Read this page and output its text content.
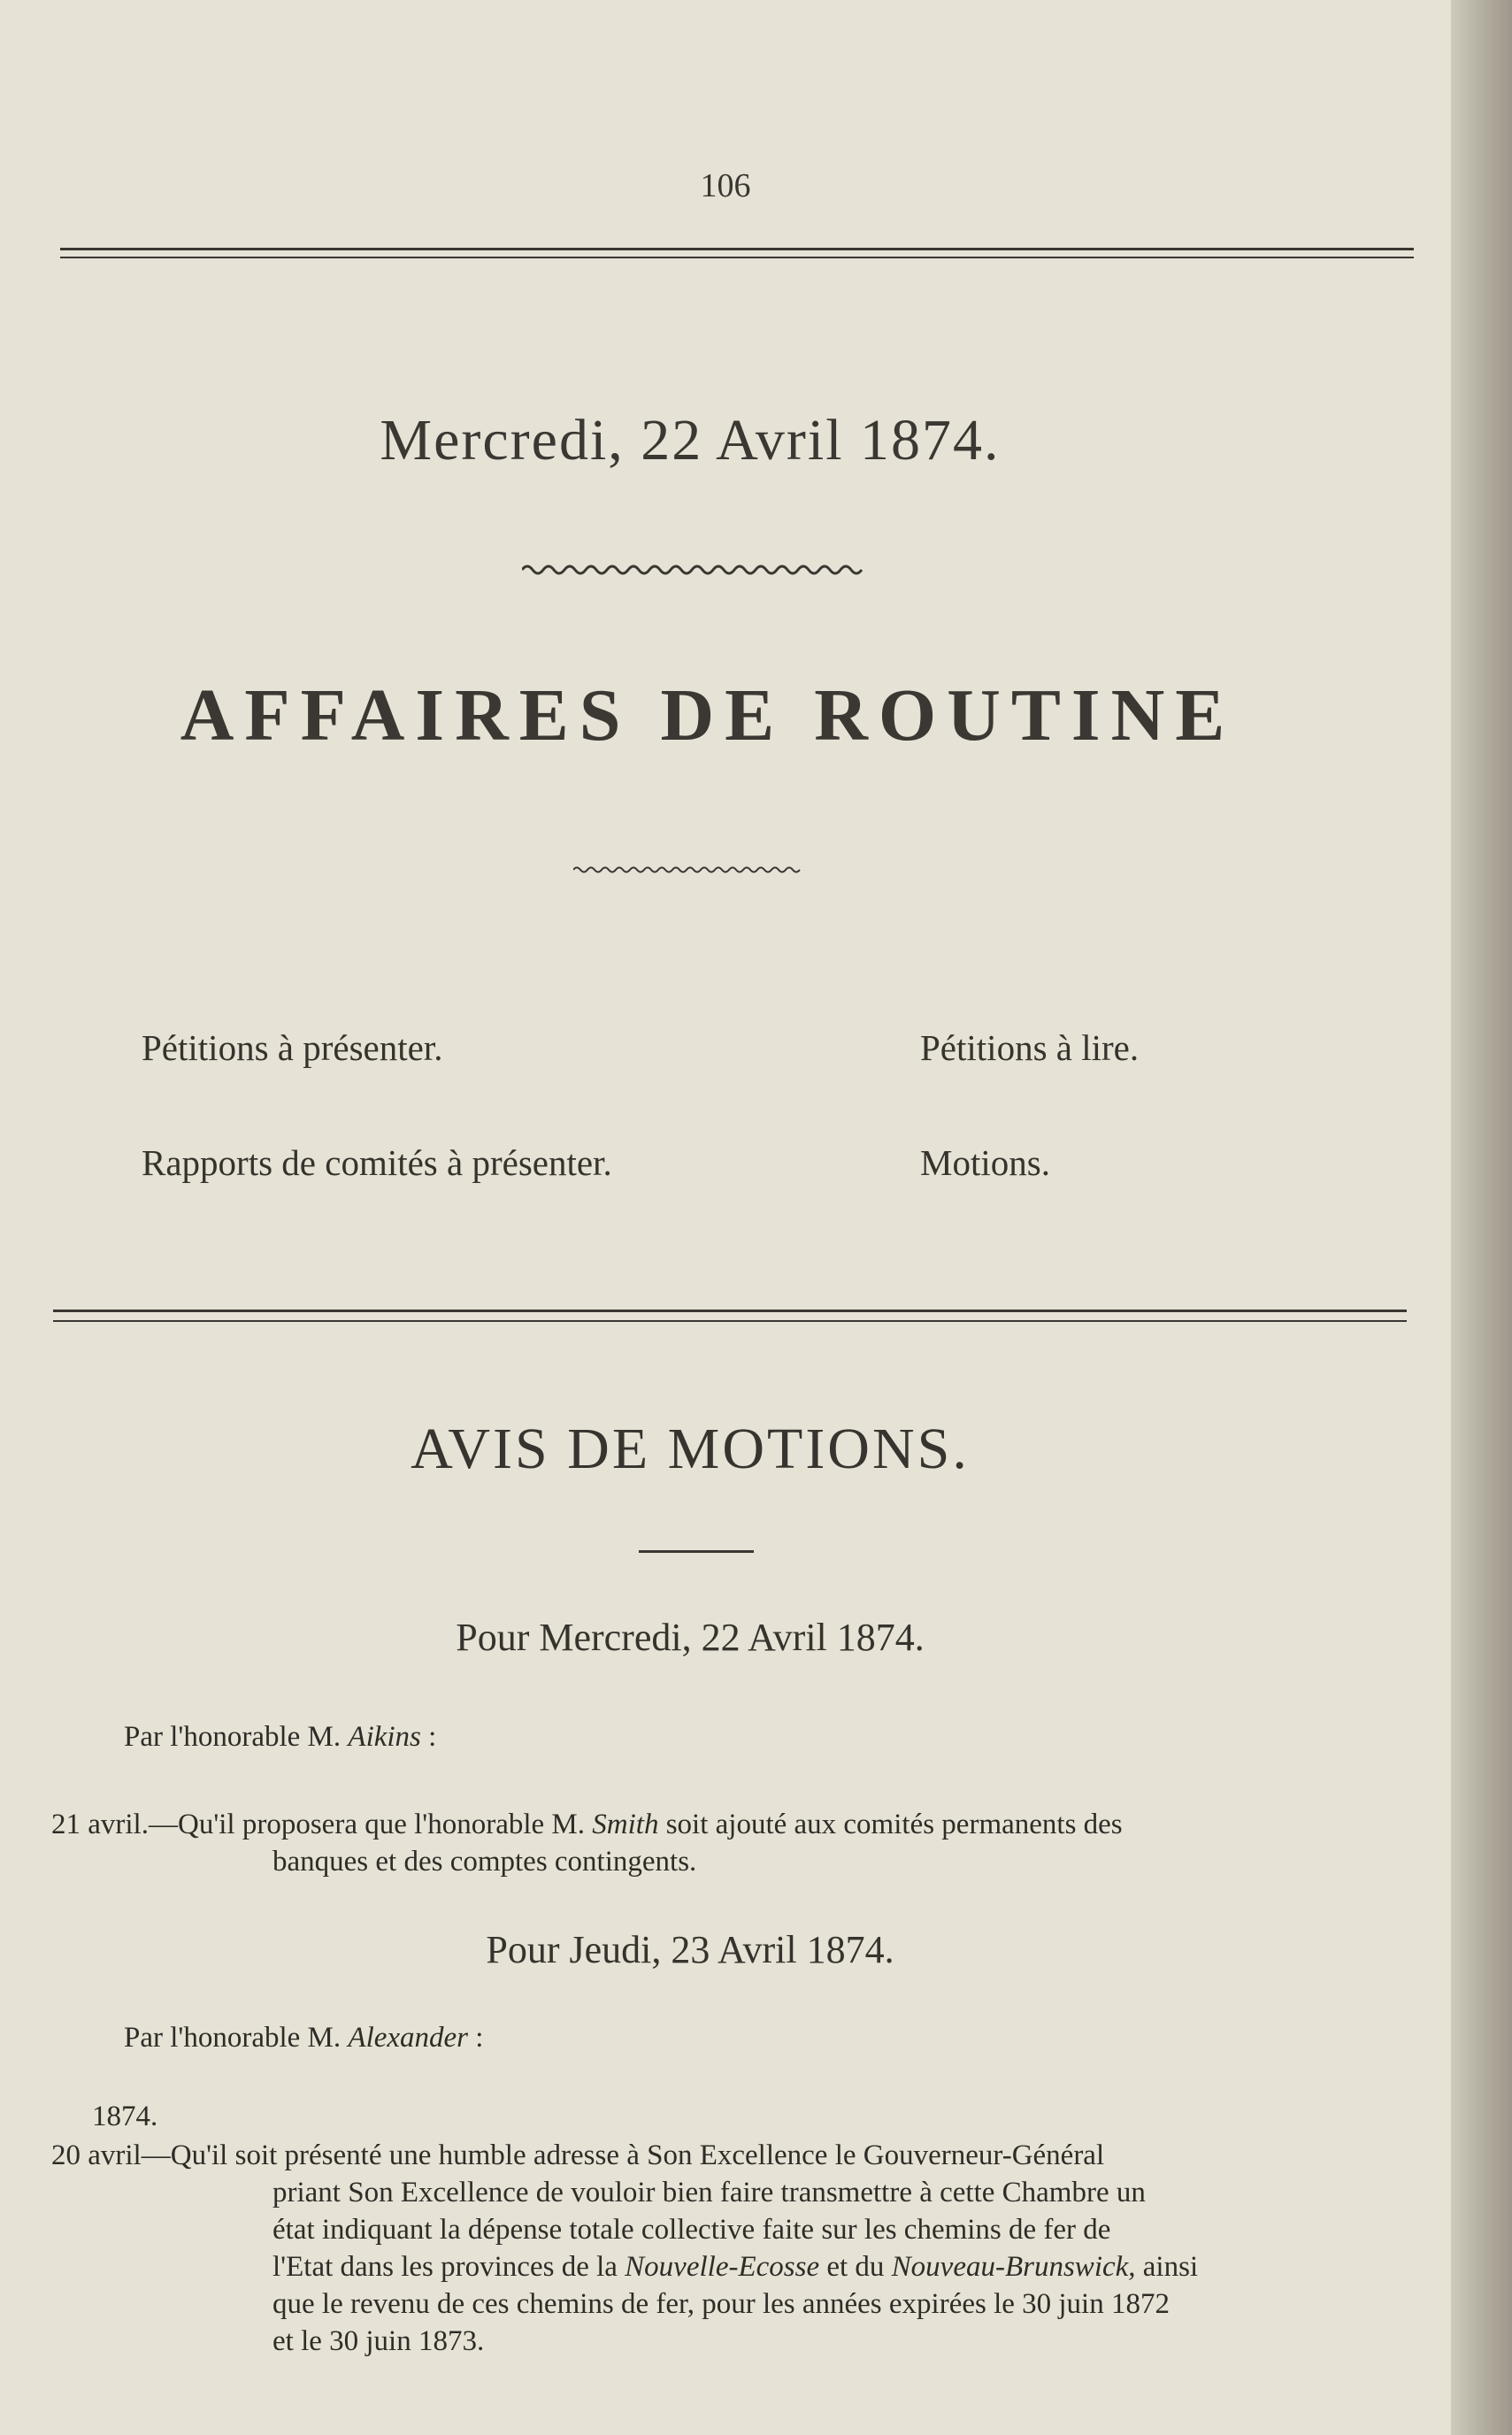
106
Mercredi, 22 Avril 1874.
AFFAIRES DE ROUTINE
Pétitions à présenter.
Rapports de comités à présenter.
Pétitions à lire.
Motions.
AVIS DE MOTIONS.
Pour Mercredi, 22 Avril 1874.
Par l'honorable M. Aikins :
21 avril.—Qu'il proposera que l'honorable M. Smith soit ajouté aux comités permanents des
banques et des comptes contingents.
Pour Jeudi, 23 Avril 1874.
Par l'honorable M. Alexander :
1874.
20 avril—Qu'il soit présenté une humble adresse à Son Excellence le Gouverneur-Général
priant Son Excellence de vouloir bien faire transmettre à cette Chambre un
état indiquant la dépense totale collective faite sur les chemins de fer de
l'Etat dans les provinces de la Nouvelle-Ecosse et du Nouveau-Brunswick, ainsi
que le revenu de ces chemins de fer, pour les années expirées le 30 juin 1872
et le 30 juin 1873.
